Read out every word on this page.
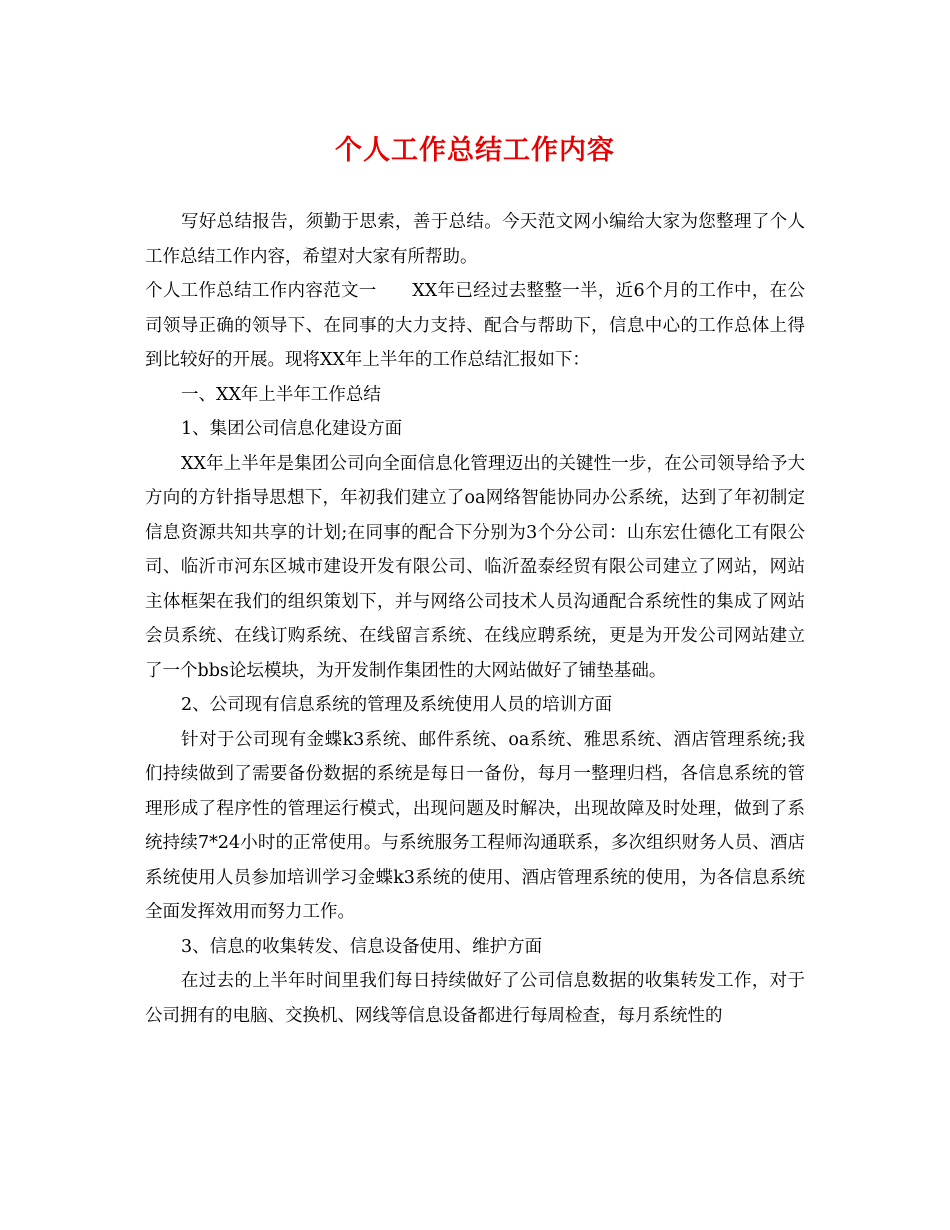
个人工作总结工作内容

写好总结报告，须勤于思索，善于总结。今天范文网小编给大家为您整理了个人工作总结工作内容，希望对大家有所帮助。

个人工作总结工作内容范文一　　XX年已经过去整整一半，近6个月的工作中，在公司领导正确的领导下、在同事的大力支持、配合与帮助下，信息中心的工作总体上得到比较好的开展。现将XX年上半年的工作总结汇报如下：

一、XX年上半年工作总结

1、集团公司信息化建设方面

XX年上半年是集团公司向全面信息化管理迈出的关键性一步，在公司领导给予大方向的方针指导思想下，年初我们建立了oa网络智能协同办公系统，达到了年初制定信息资源共知共享的计划;在同事的配合下分别为3个分公司：山东宏仕德化工有限公司、临沂市河东区城市建设开发有限公司、临沂盈泰经贸有限公司建立了网站，网站主体框架在我们的组织策划下，并与网络公司技术人员沟通配合系统性的集成了网站会员系统、在线订购系统、在线留言系统、在线应聘系统，更是为开发公司网站建立了一个bbs论坛模块，为开发制作集团性的大网站做好了铺垫基础。

2、公司现有信息系统的管理及系统使用人员的培训方面

针对于公司现有金蝶k3系统、邮件系统、oa系统、雅思系统、酒店管理系统;我们持续做到了需要备份数据的系统是每日一备份，每月一整理归档，各信息系统的管理形成了程序性的管理运行模式，出现问题及时解决，出现故障及时处理，做到了系统持续7*24小时的正常使用。与系统服务工程师沟通联系，多次组织财务人员、酒店系统使用人员参加培训学习金蝶k3系统的使用、酒店管理系统的使用，为各信息系统全面发挥效用而努力工作。

3、信息的收集转发、信息设备使用、维护方面

在过去的上半年时间里我们每日持续做好了公司信息数据的收集转发工作，对于公司拥有的电脑、交换机、网线等信息设备都进行每周检查，每月系统性的
